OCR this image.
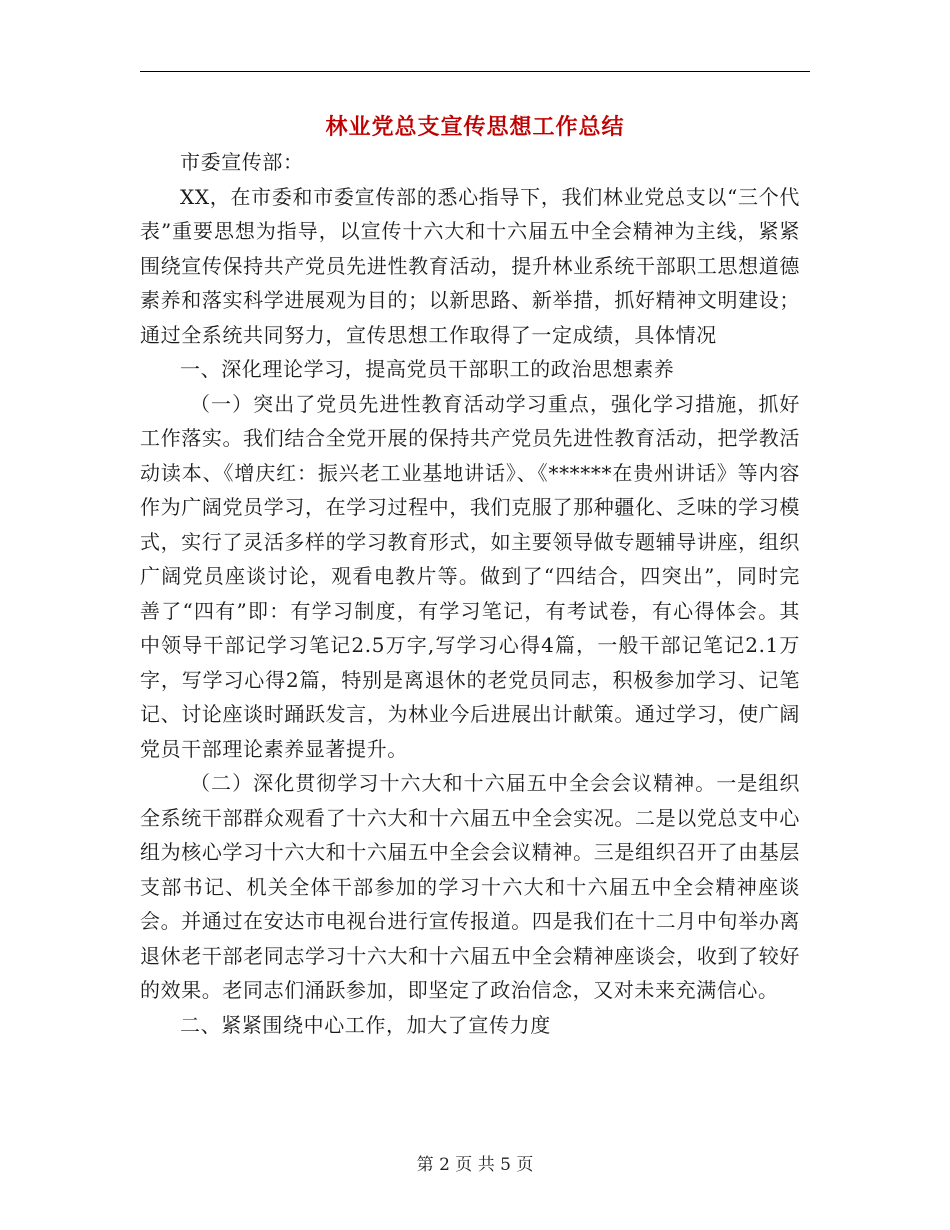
林业党总支宣传思想工作总结

市委宣传部：

XX，在市委和市委宣传部的悉心指导下，我们林业党总支以“三个代表”重要思想为指导，以宣传十六大和十六届五中全会精神为主线，紧紧围绕宣传保持共产党员先进性教育活动，提升林业系统干部职工思想道德素养和落实科学进展观为目的；以新思路、新举措，抓好精神文明建设；通过全系统共同努力，宣传思想工作取得了一定成绩，具体情况

一、深化理论学习，提高党员干部职工的政治思想素养

（一）突出了党员先进性教育活动学习重点，强化学习措施，抓好工作落实。我们结合全党开展的保持共产党员先进性教育活动，把学教活动读本、《增庆红：振兴老工业基地讲话》、《******在贵州讲话》等内容作为广阔党员学习，在学习过程中，我们克服了那种疆化、乏味的学习模式，实行了灵活多样的学习教育形式，如主要领导做专题辅导讲座，组织广阔党员座谈讨论，观看电教片等。做到了“四结合，四突出”，同时完善了“四有”即：有学习制度，有学习笔记，有考试卷，有心得体会。其中领导干部记学习笔记2.5万字,写学习心得4篇，一般干部记笔记2.1万字，写学习心得2篇，特别是离退休的老党员同志，积极参加学习、记笔记、讨论座谈时踊跃发言，为林业今后进展出计献策。通过学习，使广阔党员干部理论素养显著提升。

（二）深化贯彻学习十六大和十六届五中全会会议精神。一是组织全系统干部群众观看了十六大和十六届五中全会实况。二是以党总支中心组为核心学习十六大和十六届五中全会会议精神。三是组织召开了由基层支部书记、机关全体干部参加的学习十六大和十六届五中全会精神座谈会。并通过在安达市电视台进行宣传报道。四是我们在十二月中旬举办离退休老干部老同志学习十六大和十六届五中全会精神座谈会，收到了较好的效果。老同志们涌跃参加，即坚定了政治信念，又对未来充满信心。

二、紧紧围绕中心工作，加大了宣传力度

第 2 页 共 5 页
